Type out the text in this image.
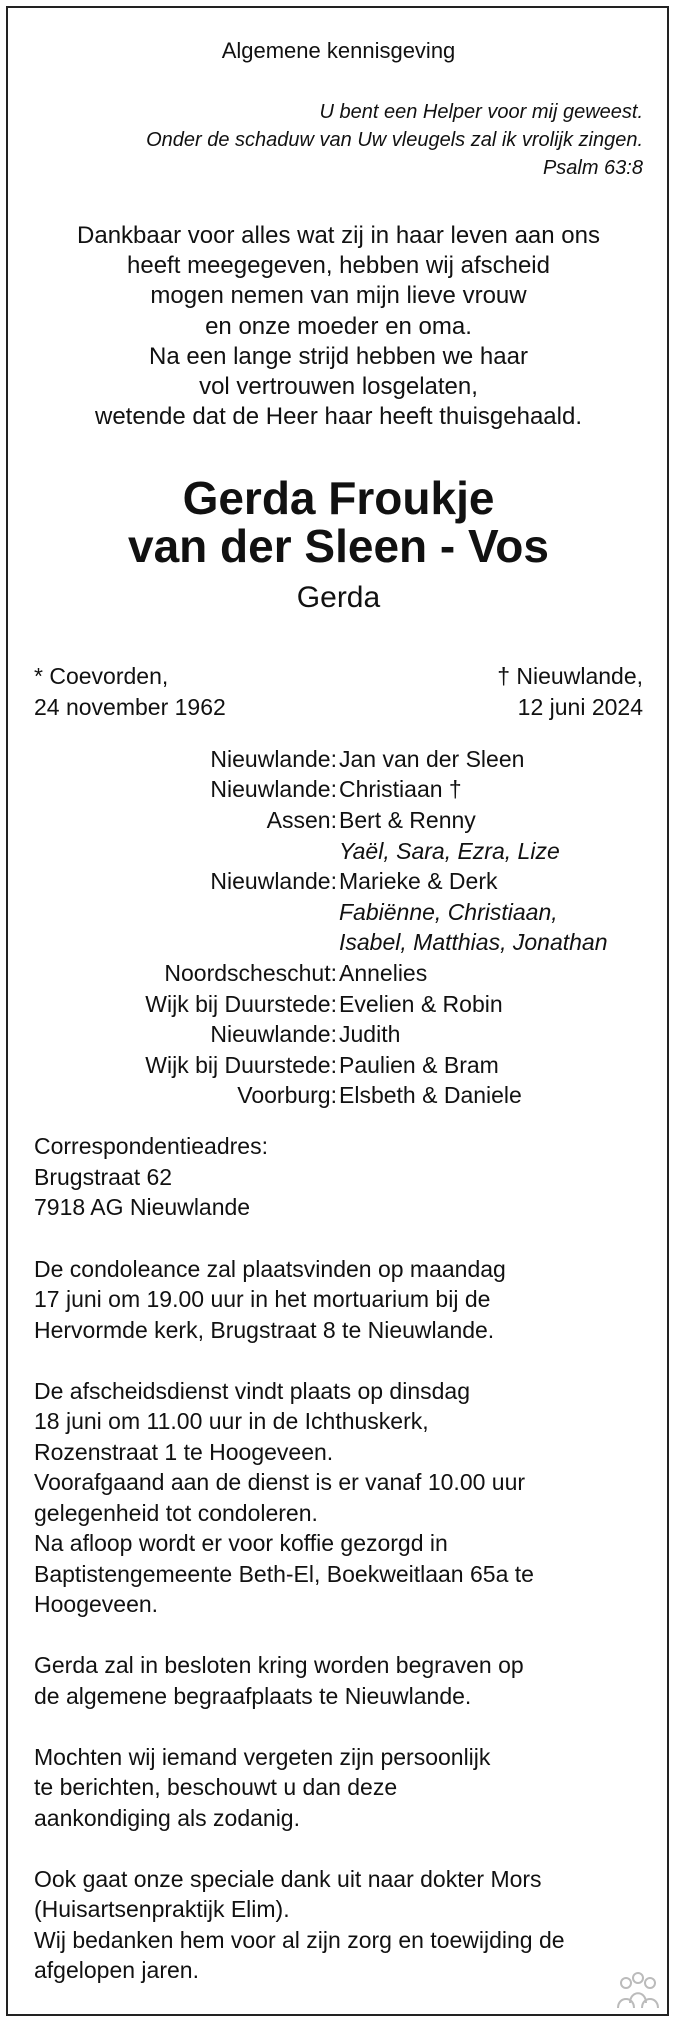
Algemene kennisgeving

U bent een Helper voor mij geweest.

Onder de schaduw van Uw vleugels zal ik vrolijk zingen.

Psalm 63:8

Dankbaar voor alles wat zij in haar leven aan ons

heeft meegegeven, hebben wij afscheid

mogen nemen van mijn lieve vrouw

en onze moeder en oma.

Na een lange strijd hebben we haar

vol vertrouwen losgelaten,

wetende dat de Heer haar heeft thuisgehaald.

Gerda Froukje

van der Sleen - Vos

Gerda

* Coevorden,

24 november 1962

† Nieuwlande,

12 juni 2024

Nieuwlande: Jan van der Sleen

Nieuwlande: Christiaan †

Assen: Bert & Renny

Yaël, Sara, Ezra, Lize

Nieuwlande: Marieke & Derk

Fabiënne, Christiaan,

Isabel, Matthias, Jonathan

Noordscheschut: Annelies

Wijk bij Duurstede: Evelien & Robin

Nieuwlande: Judith

Wijk bij Duurstede: Paulien & Bram

Voorburg: Elsbeth & Daniele

Correspondentieadres:

Brugstraat 62

7918 AG Nieuwlande

De condoleance zal plaatsvinden op maandag

17 juni om 19.00 uur in het mortuarium bij de

Hervormde kerk, Brugstraat 8 te Nieuwlande.

De afscheidsdienst vindt plaats op dinsdag

18 juni om 11.00 uur in de Ichthuskerk,

Rozenstraat 1 te Hoogeveen.

Voorafgaand aan de dienst is er vanaf 10.00 uur

gelegenheid tot condoleren.

Na afloop wordt er voor koffie gezorgd in

Baptistengemeente Beth-El, Boekweitlaan 65a te

Hoogeveen.

Gerda zal in besloten kring worden begraven op

de algemene begraafplaats te Nieuwlande.

Mochten wij iemand vergeten zijn persoonlijk

te berichten, beschouwt u dan deze

aankondiging als zodanig.

Ook gaat onze speciale dank uit naar dokter Mors

(Huisartsenpraktijk Elim).

Wij bedanken hem voor al zijn zorg en toewijding de

afgelopen jaren.
